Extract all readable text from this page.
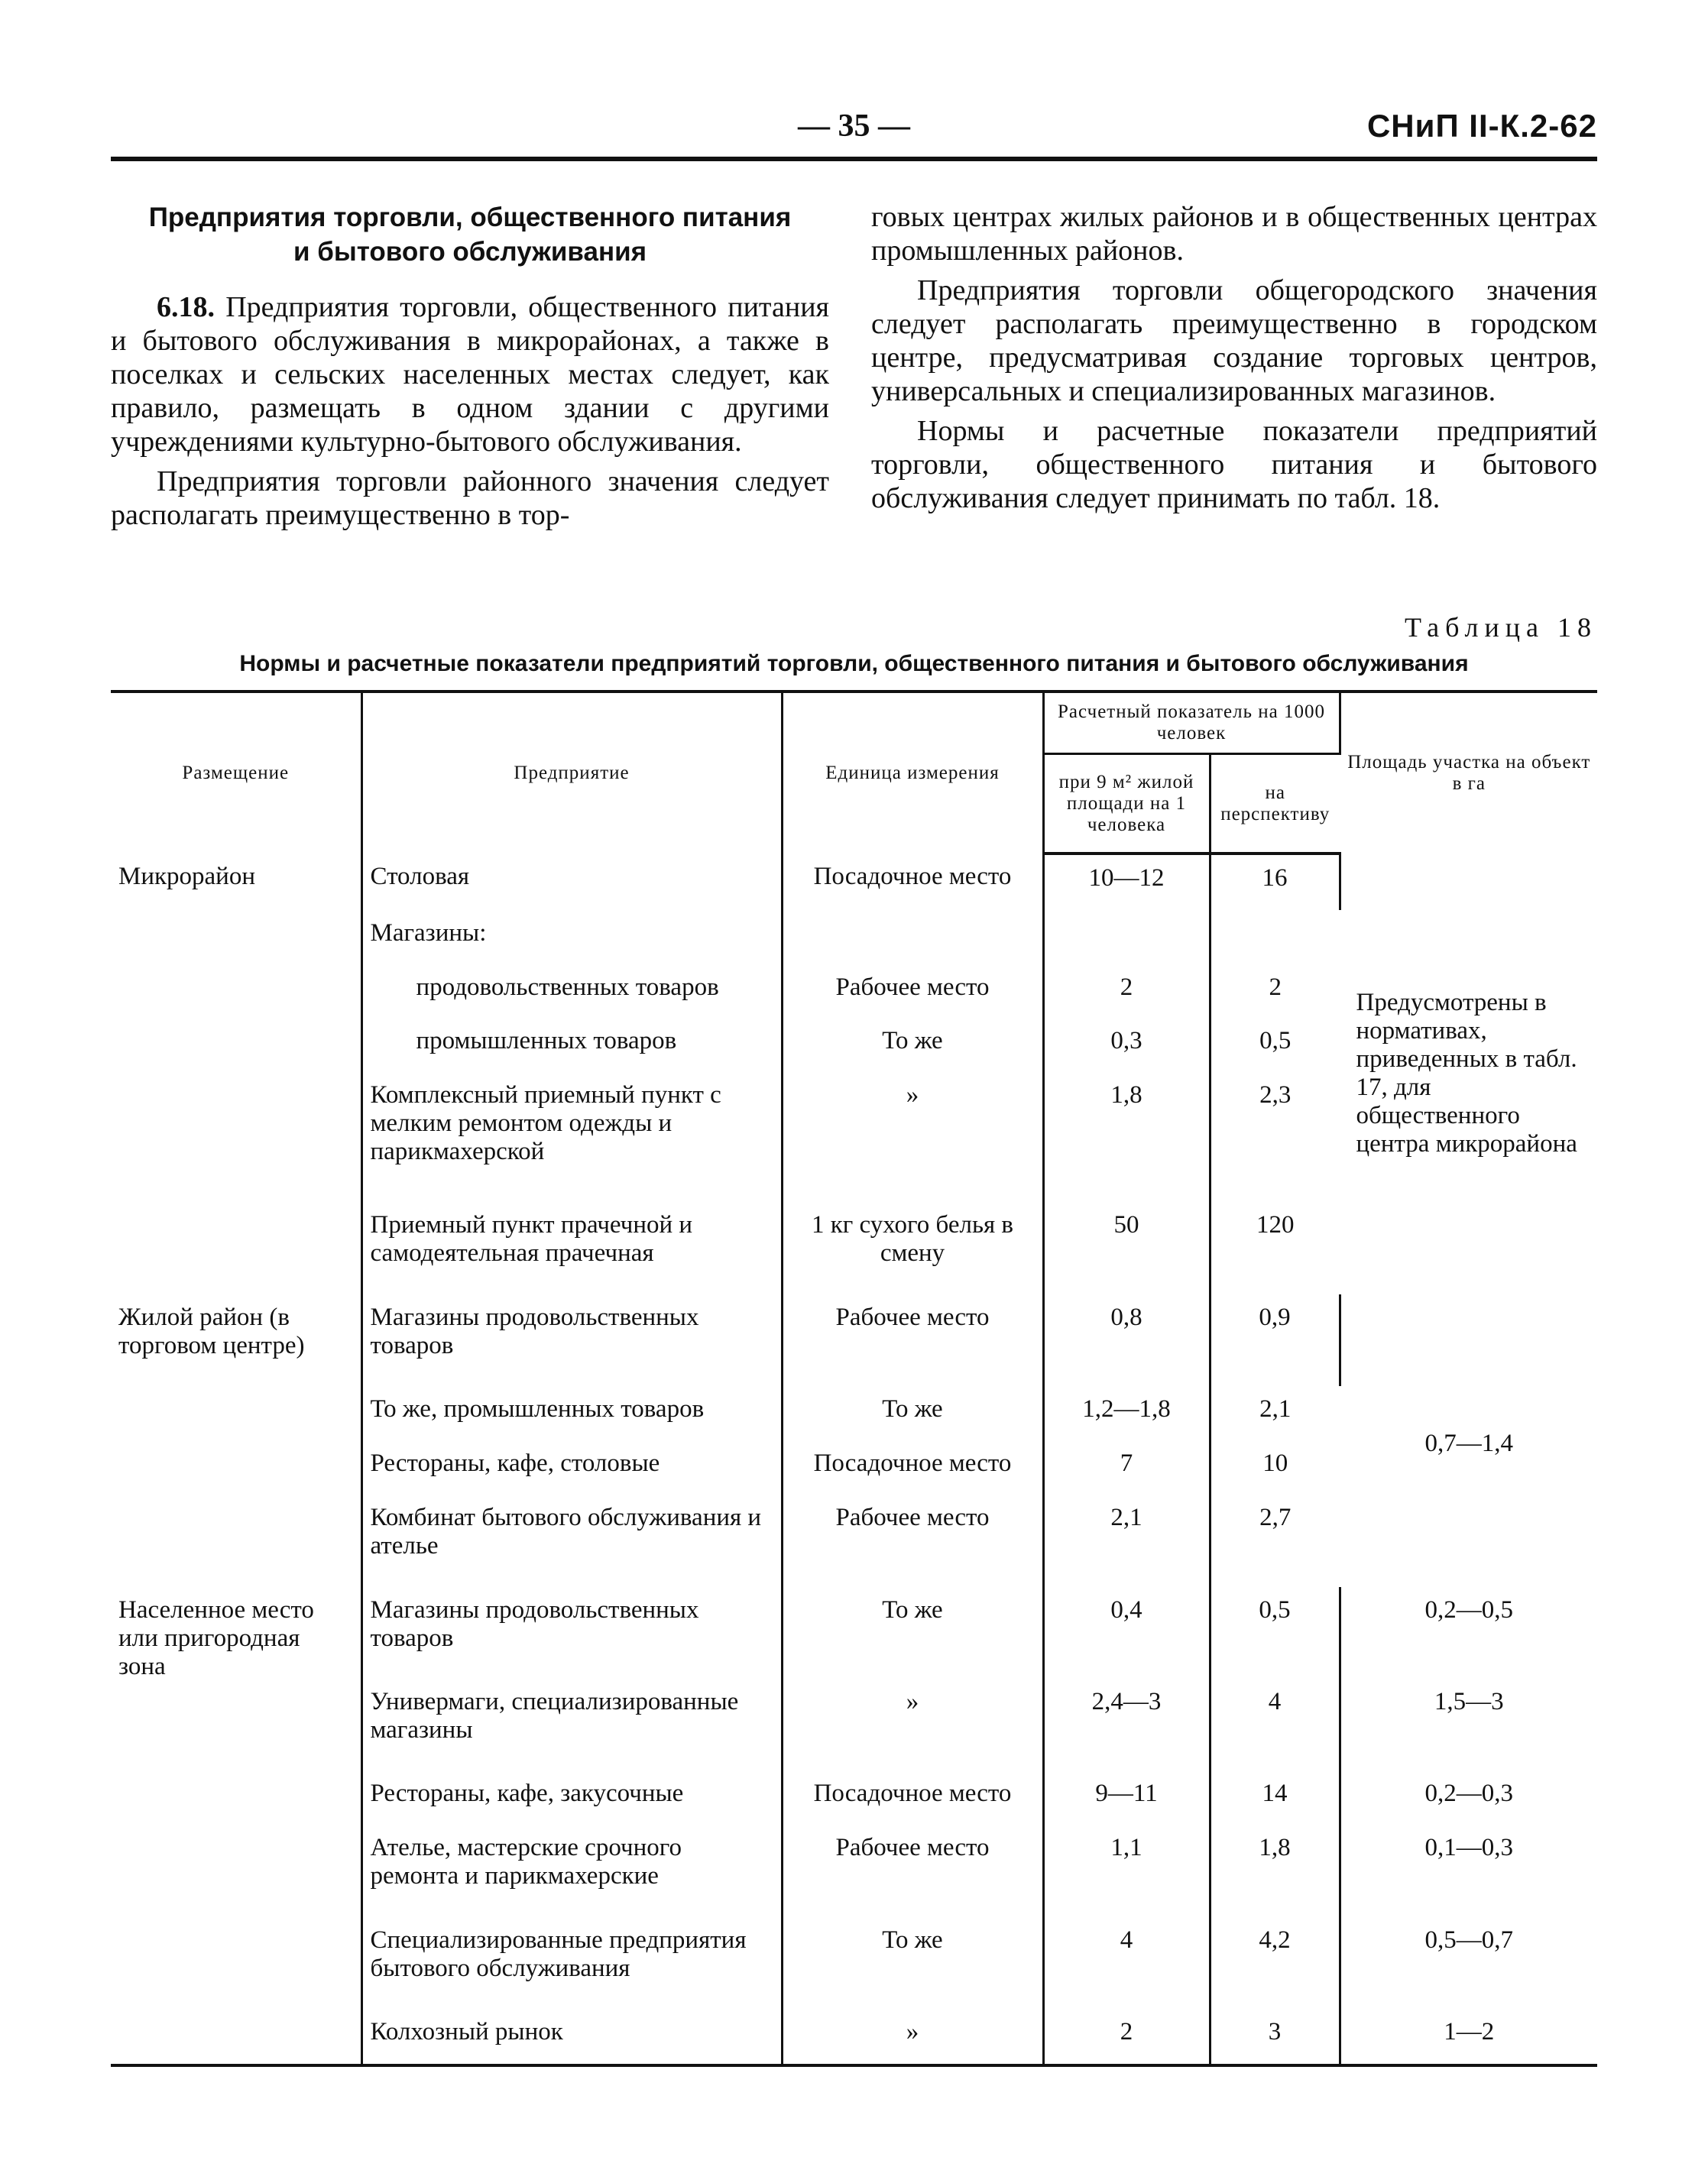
— 35 —	СНиП II-К.2-62
Предприятия торговли, общественного питания
и бытового обслуживания

6.18. Предприятия торговли, общественного питания и бытового обслуживания в микрорайонах, а также в поселках и сельских населенных местах следует, как правило, размещать в одном здании с другими учреждениями культурно-бытового обслуживания.

Предприятия торговли районного значения следует располагать преимущественно в тор-

говых центрах жилых районов и в общественных центрах промышленных районов.

Предприятия торговли общегородского значения следует располагать преимущественно в городском центре, предусматривая создание торговых центров, универсальных и специализированных магазинов.

Нормы и расчетные показатели предприятий торговли, общественного питания и бытового обслуживания следует принимать по табл. 18.

Таблица 18
Нормы и расчетные показатели предприятий торговли, общественного питания и бытового обслуживания
Размещение	Предприятие	Единица измерения	Расчетный показатель на 1000 человек		Площадь участка на объект в га
			при 9 м² жилой площади на 1 человека	на перспективу	
Микрорайон	Столовая	Посадочное место	10—12	16	Предусмотрены в нормативах, приведенных в табл. 17, для общественного центра микрорайона
	Магазины:				
	продовольственных товаров	Рабочее место	2	2	
	промышленных товаров	То же	0,3	0,5	
	Комплексный приемный пункт с мелким ремонтом одежды и парикмахерской	»	1,8	2,3	
	Приемный пункт прачечной и самодеятельная прачечная	1 кг сухого белья в смену	50	120	
Жилой район (в торговом центре)	Магазины продовольственных товаров	Рабочее место	0,8	0,9	0,7—1,4
	То же, промышленных товаров	То же	1,2—1,8	2,1	
	Рестораны, кафе, столовые	Посадочное место	7	10	
	Комбинат бытового обслуживания и ателье	Рабочее место	2,1	2,7	
Населенное место или пригородная зона	Магазины продовольственных товаров	То же	0,4	0,5	0,2—0,5
	Универмаги, специализированные магазины	»	2,4—3	4	1,5—3
	Рестораны, кафе, закусочные	Посадочное место	9—11	14	0,2—0,3
	Ателье, мастерские срочного ремонта и парикмахерские	Рабочее место	1,1	1,8	0,1—0,3
	Специализированные предприятия бытового обслуживания	То же	4	4,2	0,5—0,7
	Колхозный рынок	»	2	3	1—2
